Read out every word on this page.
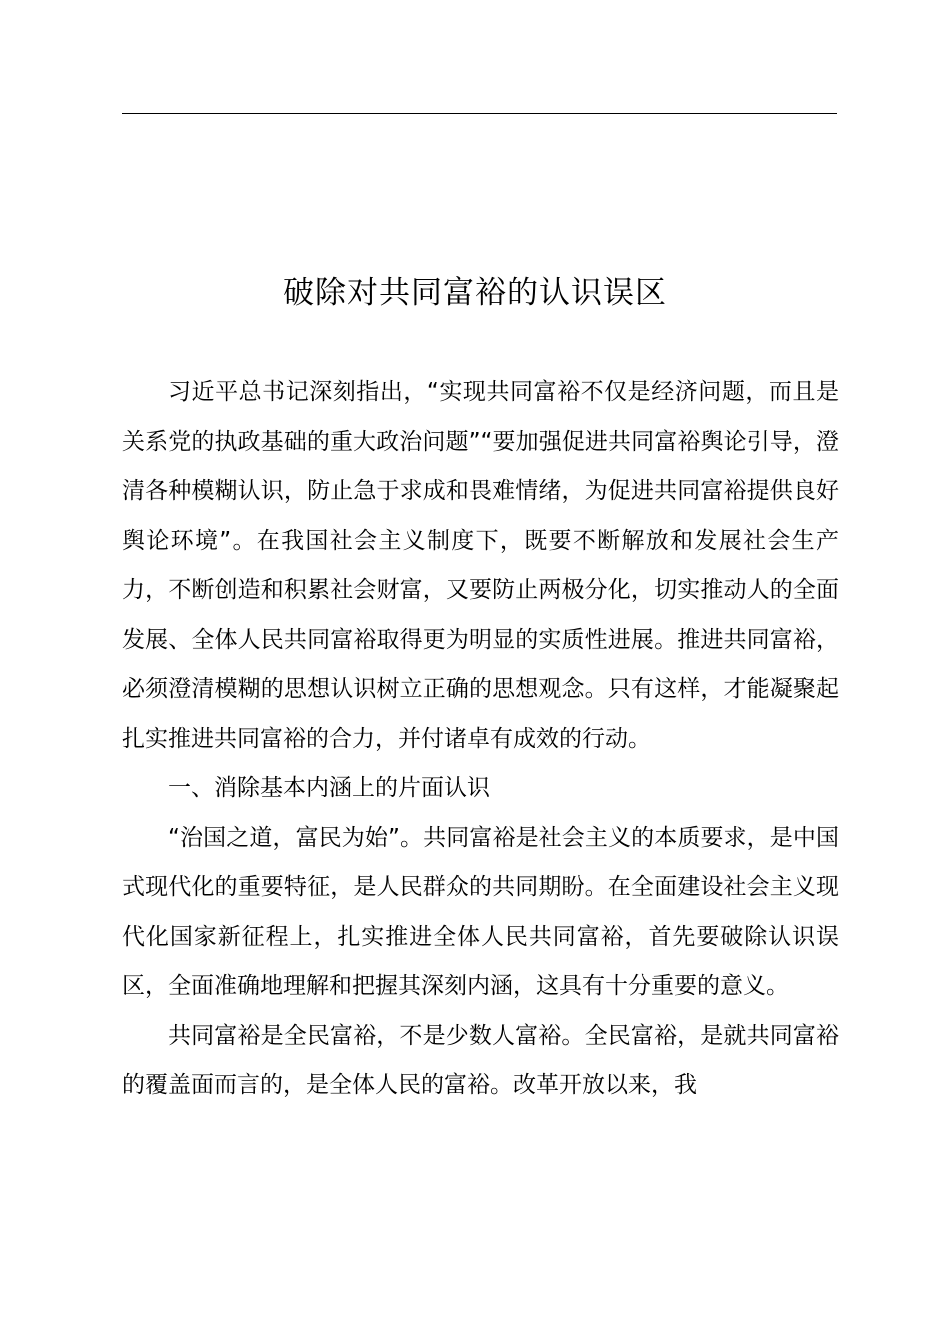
破除对共同富裕的认识误区

习近平总书记深刻指出，“实现共同富裕不仅是经济问题，而且是关系党的执政基础的重大政治问题”“要加强促进共同富裕舆论引导，澄清各种模糊认识，防止急于求成和畏难情绪，为促进共同富裕提供良好舆论环境”。在我国社会主义制度下，既要不断解放和发展社会生产力，不断创造和积累社会财富，又要防止两极分化，切实推动人的全面发展、全体人民共同富裕取得更为明显的实质性进展。推进共同富裕，必须澄清模糊的思想认识树立正确的思想观念。只有这样，才能凝聚起扎实推进共同富裕的合力，并付诸卓有成效的行动。

一、消除基本内涵上的片面认识

“治国之道，富民为始”。共同富裕是社会主义的本质要求，是中国式现代化的重要特征，是人民群众的共同期盼。在全面建设社会主义现代化国家新征程上，扎实推进全体人民共同富裕，首先要破除认识误区，全面准确地理解和把握其深刻内涵，这具有十分重要的意义。

共同富裕是全民富裕，不是少数人富裕。全民富裕，是就共同富裕的覆盖面而言的，是全体人民的富裕。改革开放以来，我
